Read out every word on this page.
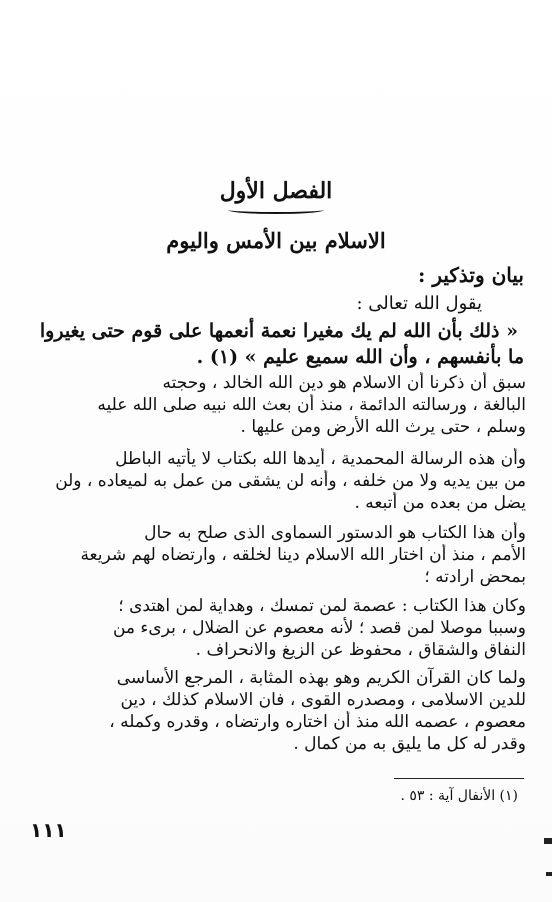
الفصل الأول
الاسلام بين الأمس واليوم
بيان وتذكير :
يقول الله تعالى :
« ذلك بأن الله لم يك مغيرا نعمة أنعمها على قوم حتى يغيروا
ما بأنفسهم ، وأن الله سميع عليم » (١) .
سبق أن ذكرنا أن الاسلام هو دين الله الخالد ، وحجته
البالغة ، ورسالته الدائمة ، منذ أن بعث الله نبيه صلى الله عليه
وسلم ، حتى يرث الله الأرض ومن عليها .
وأن هذه الرسالة المحمدية ، أيدها الله بكتاب لا يأتيه الباطل
من بين يديه ولا من خلفه ، وأنه لن يشقى من عمل به لميعاده ، ولن
يضل من بعده من أتبعه .
وأن هذا الكتاب هو الدستور السماوى الذى صلح به حال
الأمم ، منذ أن اختار الله الاسلام دينا لخلقه ، وارتضاه لهم شريعة
بمحض ارادته ؛
وكان هذا الكتاب : عصمة لمن تمسك ، وهداية لمن اهتدى ؛
وسببا موصلا لمن قصد ؛ لأنه معصوم عن الضلال ، برىء من
النفاق والشقاق ، محفوظ عن الزيغ والانحراف .
ولما كان القرآن الكريم وهو بهذه المثابة ، المرجع الأساسى
للدين الاسلامى ، ومصدره القوى ، فان الاسلام كذلك ، دين
معصوم ، عصمه الله منذ أن اختاره وارتضاه ، وقدره وكمله ،
وقدر له كل ما يليق به من كمال .
(١) الأنفال آية : ٥٣ .
١١١
